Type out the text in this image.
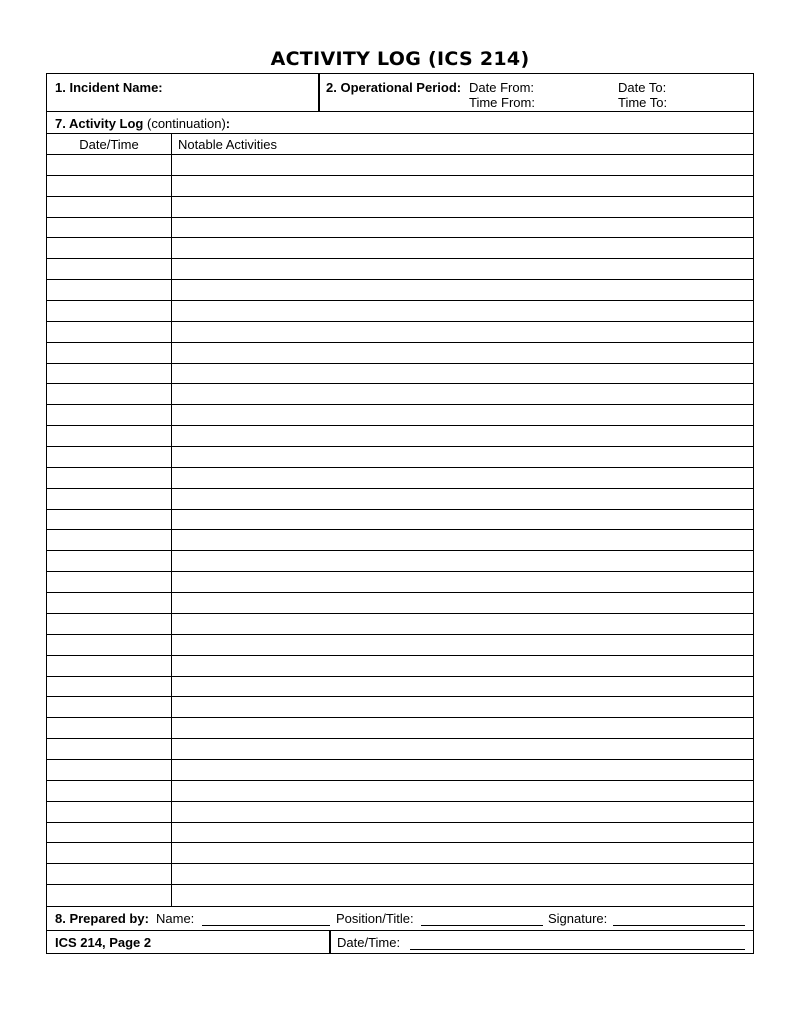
ACTIVITY LOG (ICS 214)
1. Incident Name:	2. Operational Period: Date From:	Date To:
Time From:	Time To:
7. Activity Log (continuation):
Date/Time	Notable Activities
8. Prepared by: Name:	Position/Title:	Signature:
ICS 214, Page 2	Date/Time:
